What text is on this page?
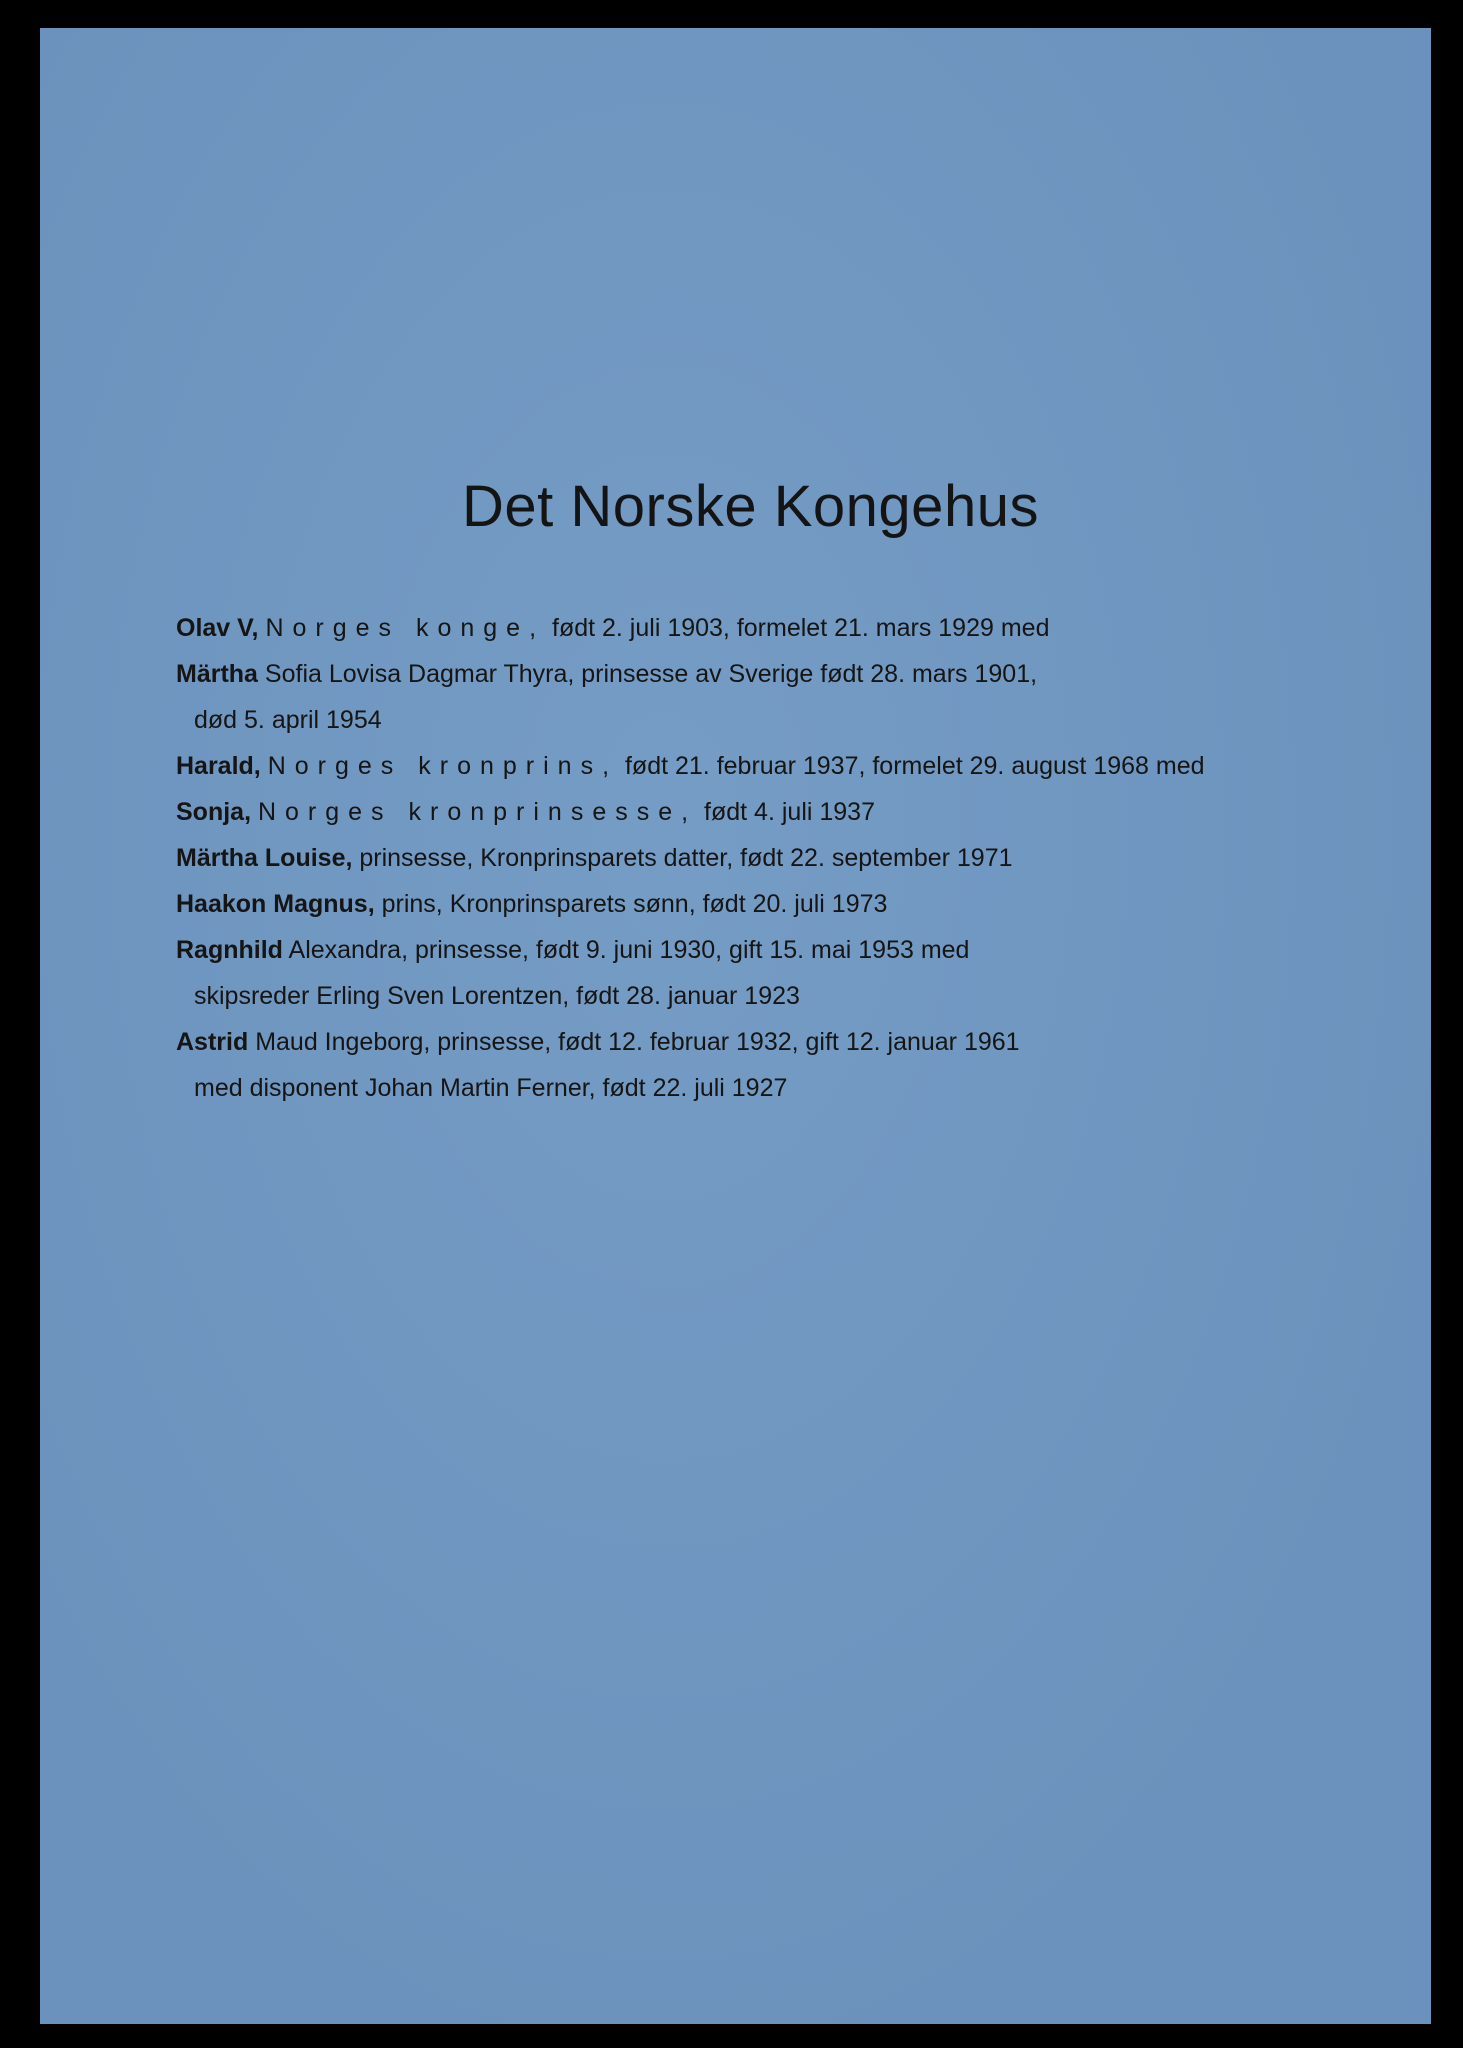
Det Norske Kongehus
Olav V, Norges konge, født 2. juli 1903, formelet 21. mars 1929 med
Märtha Sofia Lovisa Dagmar Thyra, prinsesse av Sverige født 28. mars 1901,
død 5. april 1954
Harald, Norges kronprins, født 21. februar 1937, formelet 29. august 1968 med
Sonja, Norges kronprinsesse, født 4. juli 1937
Märtha Louise, prinsesse, Kronprinsparets datter, født 22. september 1971
Haakon Magnus, prins, Kronprinsparets sønn, født 20. juli 1973
Ragnhild Alexandra, prinsesse, født 9. juni 1930, gift 15. mai 1953 med
skipsreder Erling Sven Lorentzen, født 28. januar 1923
Astrid Maud Ingeborg, prinsesse, født 12. februar 1932, gift 12. januar 1961
med disponent Johan Martin Ferner, født 22. juli 1927
